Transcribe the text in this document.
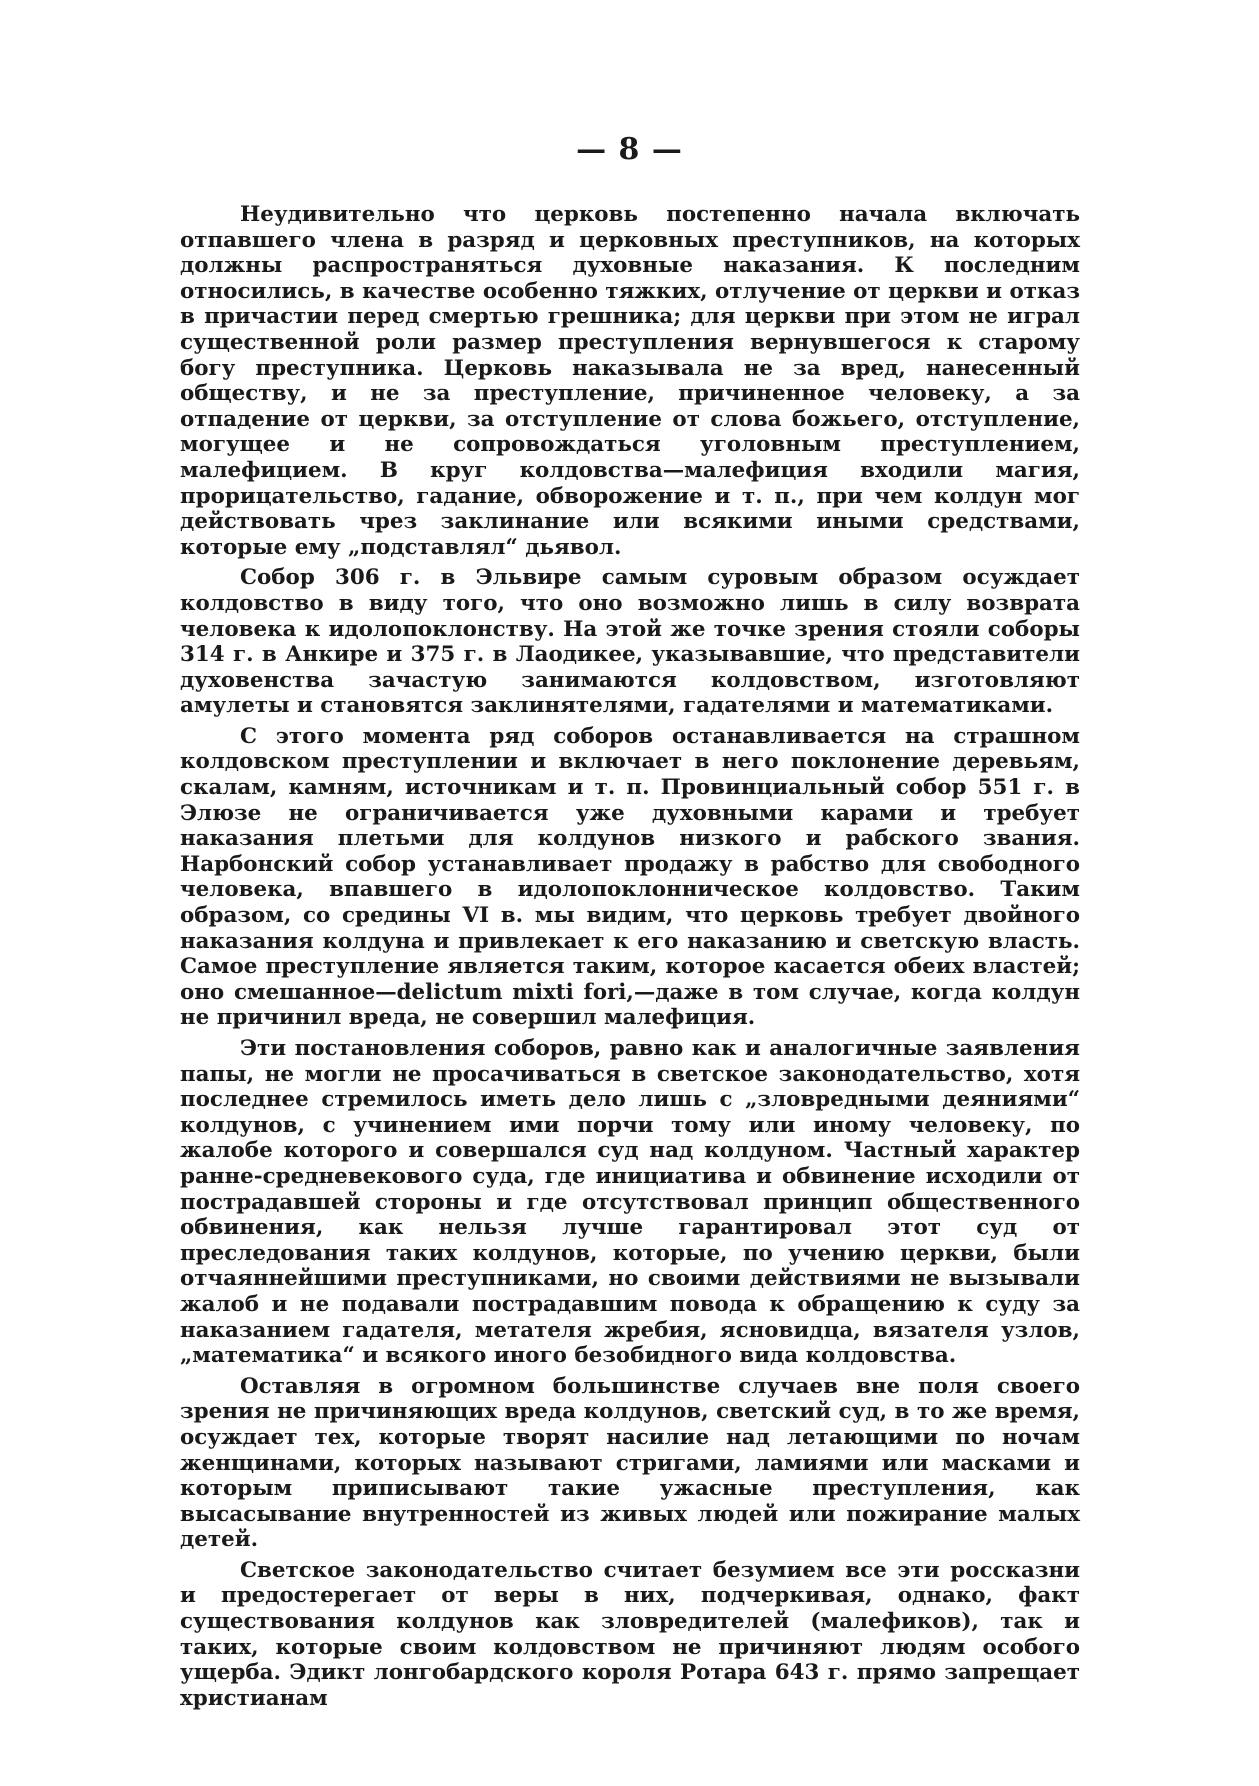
— 8 —

Неудивительно что церковь постепенно начала включать отпавшего члена в разряд и церковных преступников, на которых должны распространяться духовные наказания. К последним относились, в качестве особенно тяжких, отлучение от церкви и отказ в причастии перед смертью грешника; для церкви при этом не играл существенной роли размер преступления вернувшегося к старому богу преступника. Церковь наказывала не за вред, нанесенный обществу, и не за преступление, причиненное человеку, а за отпадение от церкви, за отступление от слова божьего, отступление, могущее и не сопровождаться уголовным преступлением, малефицием. В круг колдовства—малефиция входили магия, прорицательство, гадание, обворожение и т. п., при чем колдун мог действовать чрез заклинание или всякими иными средствами, которые ему „подставлял“ дьявол.

Собор 306 г. в Эльвире самым суровым образом осуждает колдовство в виду того, что оно возможно лишь в силу возврата человека к идолопоклонству. На этой же точке зрения стояли соборы 314 г. в Анкире и 375 г. в Лаодикее, указывавшие, что представители духовенства зачастую занимаются колдовством, изготовляют амулеты и становятся заклинятелями, гадателями и математиками.

С этого момента ряд соборов останавливается на страшном колдовском преступлении и включает в него поклонение деревьям, скалам, камням, источникам и т. п. Провинциальный собор 551 г. в Элюзе не ограничивается уже духовными карами и требует наказания плетьми для колдунов низкого и рабского звания. Нарбонский собор устанавливает продажу в рабство для свободного человека, впавшего в идолопоклонническое колдовство. Таким образом, со средины VI в. мы видим, что церковь требует двойного наказания колдуна и привлекает к его наказанию и светскую власть. Самое преступление является таким, которое касается обеих властей; оно смешанное—delictum mixti fori,—даже в том случае, когда колдун не причинил вреда, не совершил малефиция.

Эти постановления соборов, равно как и аналогичные заявления папы, не могли не просачиваться в светское законодательство, хотя последнее стремилось иметь дело лишь с „зловредными деяниями“ колдунов, с учинением ими порчи тому или иному человеку, по жалобе которого и совершался суд над колдуном. Частный характер ранне-средневекового суда, где инициатива и обвинение исходили от пострадавшей стороны и где отсутствовал принцип общественного обвинения, как нельзя лучше гарантировал этот суд от преследования таких колдунов, которые, по учению церкви, были отчаяннейшими преступниками, но своими действиями не вызывали жалоб и не подавали пострадавшим повода к обращению к суду за наказанием гадателя, метателя жребия, ясновидца, вязателя узлов, „математика“ и всякого иного безобидного вида колдовства.

Оставляя в огромном большинстве случаев вне поля своего зрения не причиняющих вреда колдунов, светский суд, в то же время, осуждает тех, которые творят насилие над летающими по ночам женщинами, которых называют стригами, ламиями или масками и которым приписывают такие ужасные преступления, как высасывание внутренностей из живых людей или пожирание малых детей.

Светское законодательство считает безумием все эти россказни и предостерегает от веры в них, подчеркивая, однако, факт существования колдунов как зловредителей (малефиков), так и таких, которые своим колдовством не причиняют людям особого ущерба. Эдикт лонгобардского короля Ротара 643 г. прямо запрещает христианам
